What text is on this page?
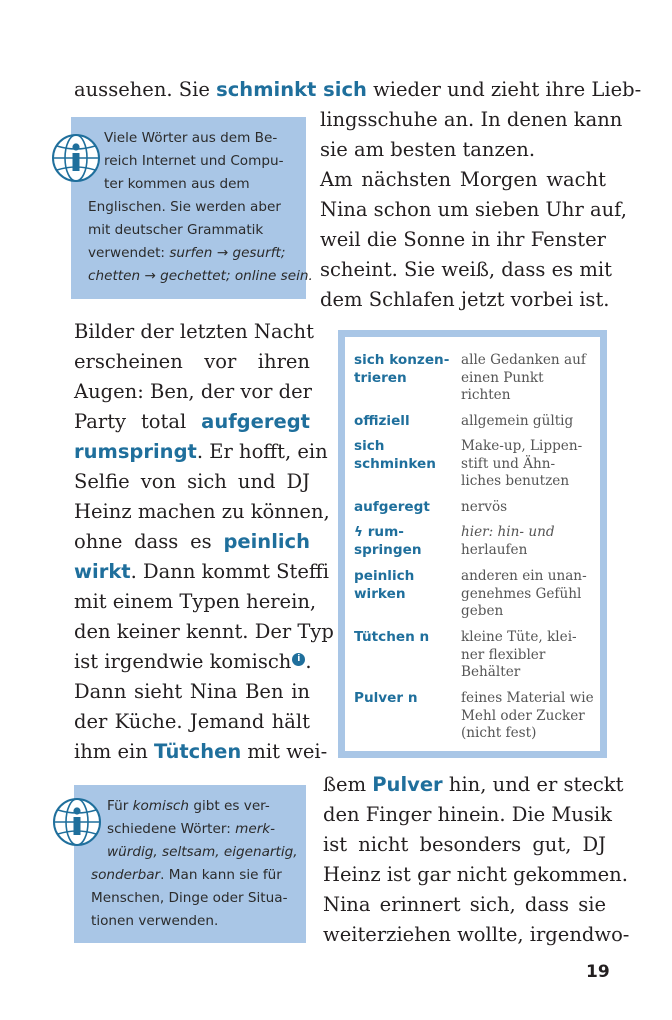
aussehen. Sie schminkt sich wieder und zieht ihre Lieb-
lingsschuhe an. In denen kann
sie am besten tanzen.
Am nächsten Morgen wacht
Nina schon um sieben Uhr auf,
weil die Sonne in ihr Fenster
scheint. Sie weiß, dass es mit
dem Schlafen jetzt vorbei ist.
Viele Wörter aus dem Be-
reich Internet und Compu-
ter kommen aus dem
Englischen. Sie werden aber
mit deutscher Grammatik
verwendet: surfen → gesurft;
chetten → gechettet; online sein.
Bilder der letzten Nacht
erscheinen vor ihren
Augen: Ben, der vor der
Party total aufgeregt
rumspringt. Er hofft, ein
Selfie von sich und DJ
Heinz machen zu können,
ohne dass es peinlich
wirkt. Dann kommt Steffi
mit einem Typen herein,
den keiner kennt. Der Typ
ist irgendwie komisch i .
Dann sieht Nina Ben in
der Küche. Jemand hält
ihm ein Tütchen mit wei-
sich konzen-
trieren
alle Gedanken auf
einen Punkt
richten
offiziell	allgemein gültig
sich
schminken
Make-up, Lippen-
stift und Ähn-
liches benutzen
aufgeregt nervös
ϟ rum-
springen
hier: hin- und
herlaufen
peinlich
wirken
anderen ein unan-
genehmes Gefühl
geben
Tütchen n kleine Tüte, klei-
ner flexibler
Behälter
Pulver n	feines Material wie
Mehl oder Zucker
(nicht fest)
Für komisch gibt es ver-
schiedene Wörter: merk-
würdig, seltsam, eigenartig,
sonderbar. Man kann sie für
Menschen, Dinge oder Situa-
tionen verwenden.
ßem Pulver hin, und er steckt
den Finger hinein. Die Musik
ist nicht besonders gut, DJ
Heinz ist gar nicht gekommen.
Nina erinnert sich, dass sie
weiterziehen wollte, irgendwo-
19
